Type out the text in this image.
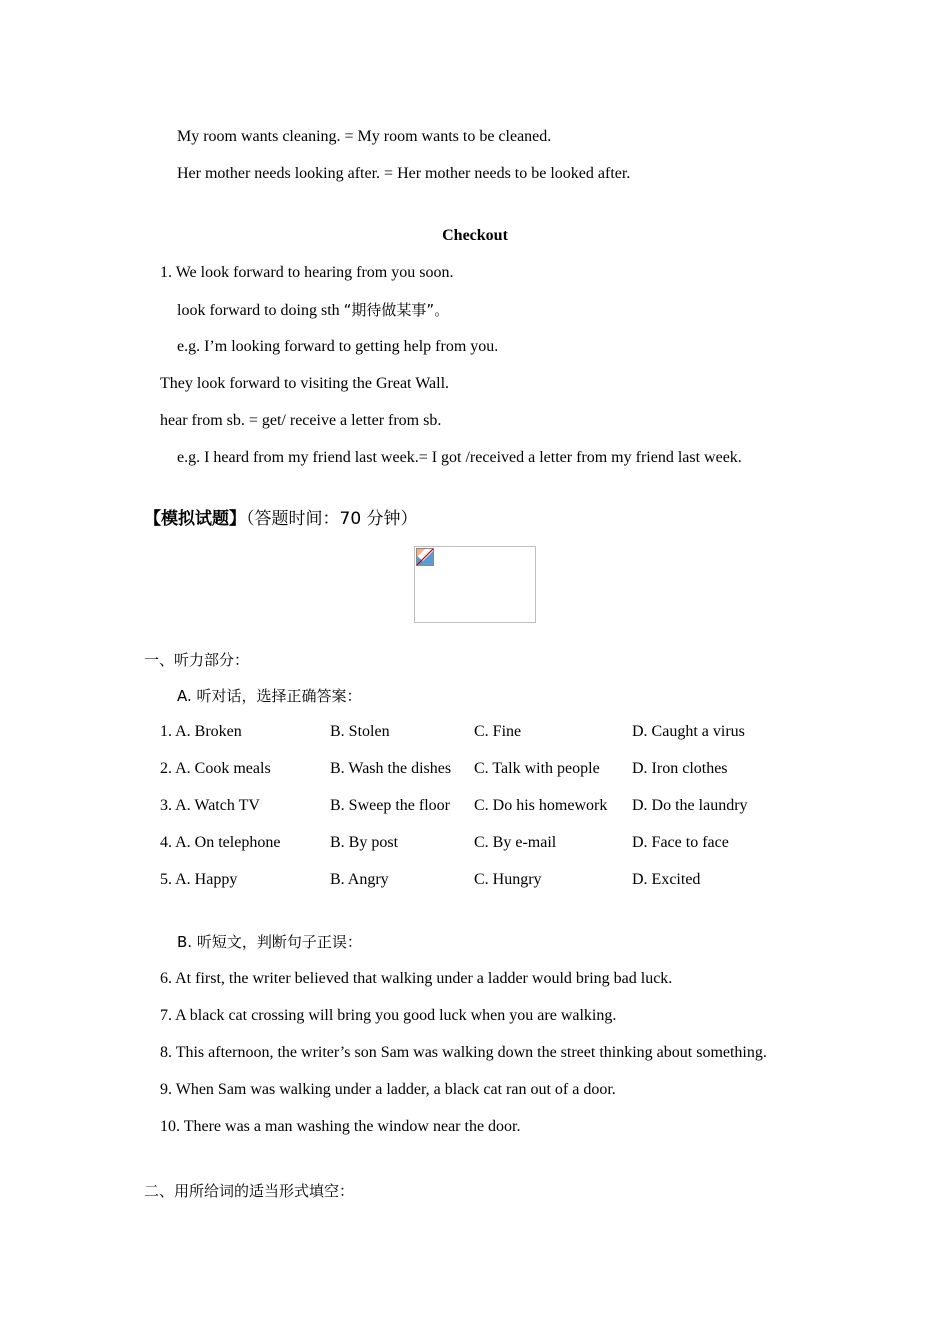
My room wants cleaning. = My room wants to be cleaned.
Her mother needs looking after. = Her mother needs to be looked after.
Checkout
1. We look forward to hearing from you soon.
look forward to doing sth “期待做某事”。
e.g. I’m looking forward to getting help from you.
They look forward to visiting the Great Wall.
hear from sb. = get/ receive a letter from sb.
e.g. I heard from my friend last week.= I got /received a letter from my friend last week.
【模拟试题】（答题时间：70 分钟）
一、听力部分：
A. 听对话，选择正确答案：
1. A. Broken	B. Stolen	C. Fine	D. Caught a virus
2. A. Cook meals	B. Wash the dishes C. Talk with people D. Iron clothes
3. A. Watch TV	B. Sweep the floor C. Do his homework D. Do the laundry
4. A. On telephone	B. By post	C. By e-mail	D. Face to face
5. A. Happy	B. Angry	C. Hungry	D. Excited
B. 听短文，判断句子正误：
6. At first, the writer believed that walking under a ladder would bring bad luck.
7. A black cat crossing will bring you good luck when you are walking.
8. This afternoon, the writer’s son Sam was walking down the street thinking about something.
9. When Sam was walking under a ladder, a black cat ran out of a door.
10. There was a man washing the window near the door.
二、用所给词的适当形式填空：
